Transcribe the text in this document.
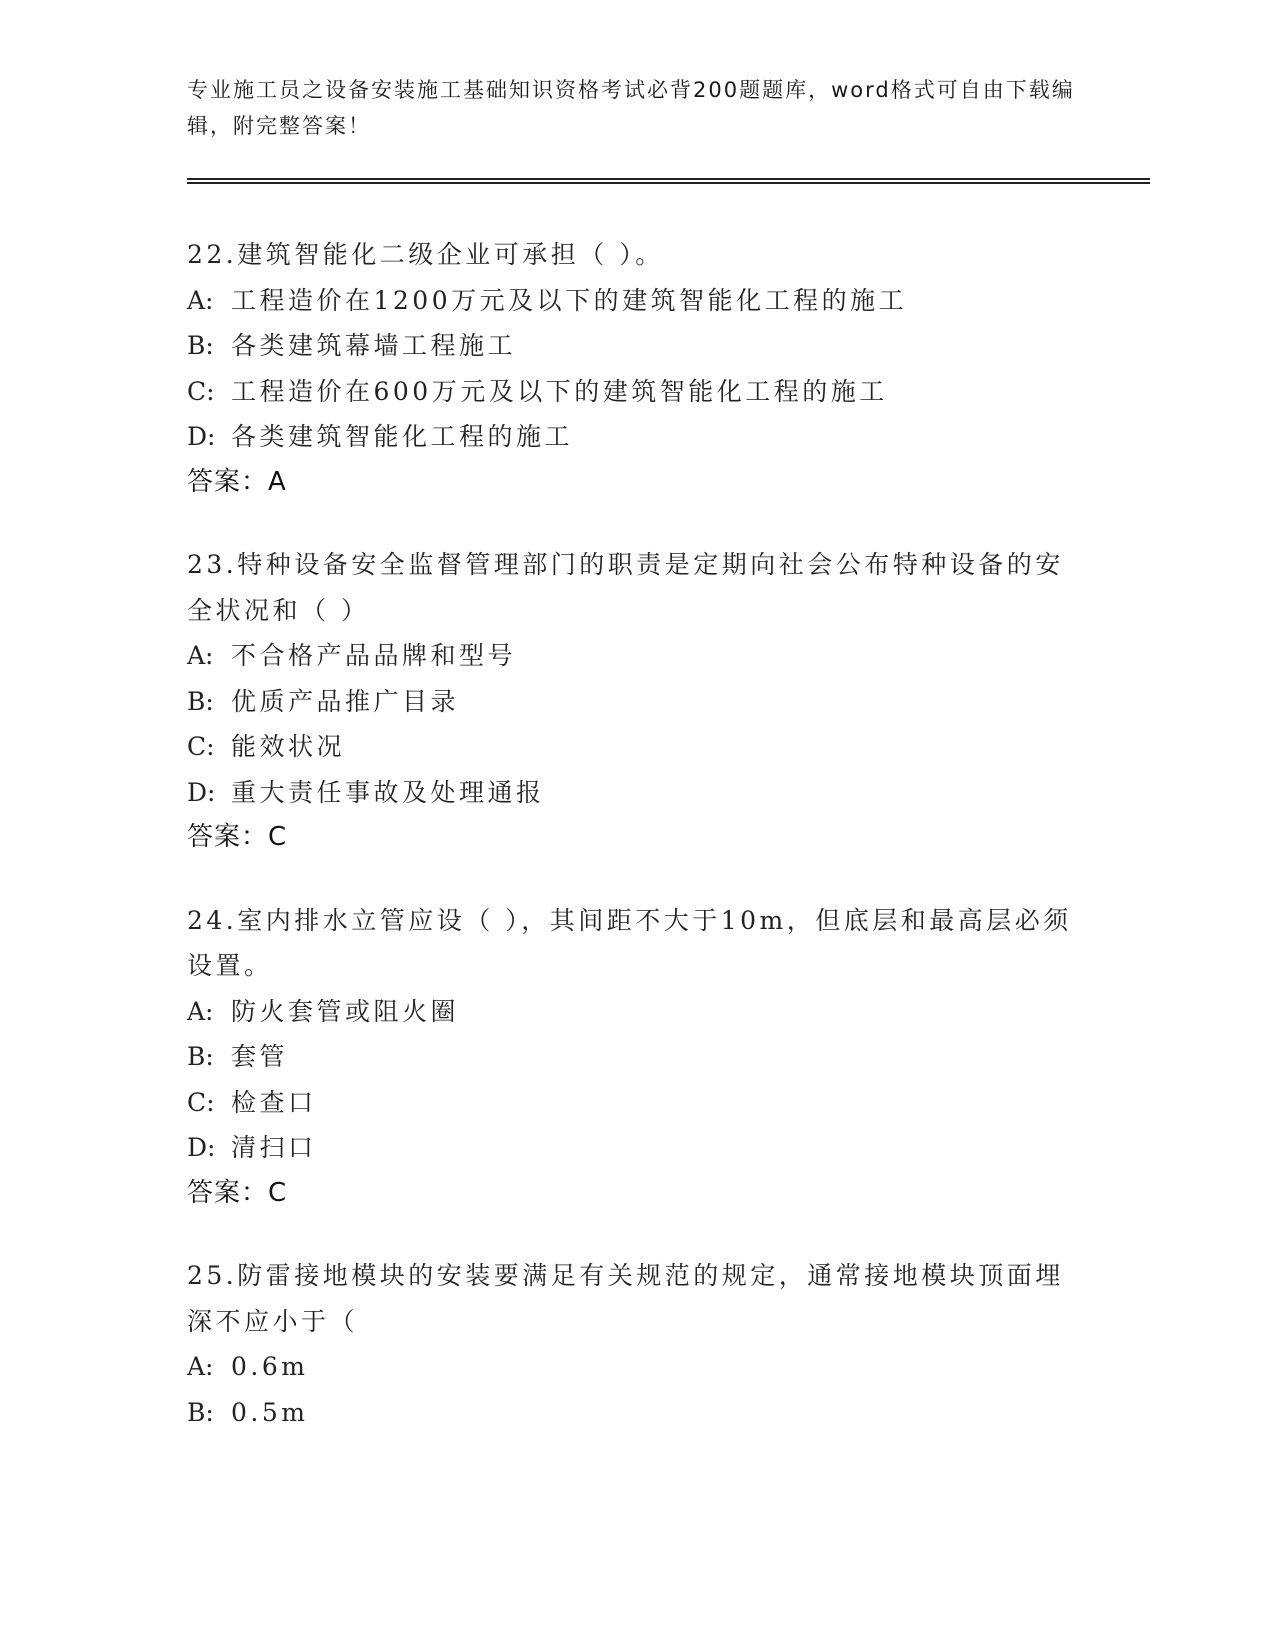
专业施工员之设备安装施工基础知识资格考试必背200题题库，word格式可自由下载编辑，附完整答案！
22.建筑智能化二级企业可承担（ ）。
A: 工程造价在1200万元及以下的建筑智能化工程的施工
B: 各类建筑幕墙工程施工
C: 工程造价在600万元及以下的建筑智能化工程的施工
D: 各类建筑智能化工程的施工
答案：A
23.特种设备安全监督管理部门的职责是定期向社会公布特种设备的安全状况和（ ）
A: 不合格产品品牌和型号
B: 优质产品推广目录
C: 能效状况
D: 重大责任事故及处理通报
答案：C
24.室内排水立管应设（ ），其间距不大于10m，但底层和最高层必须设置。
A: 防火套管或阻火圈
B: 套管
C: 检查口
D: 清扫口
答案：C
25.防雷接地模块的安装要满足有关规范的规定，通常接地模块顶面埋深不应小于（
A: 0.6m
B: 0.5m
